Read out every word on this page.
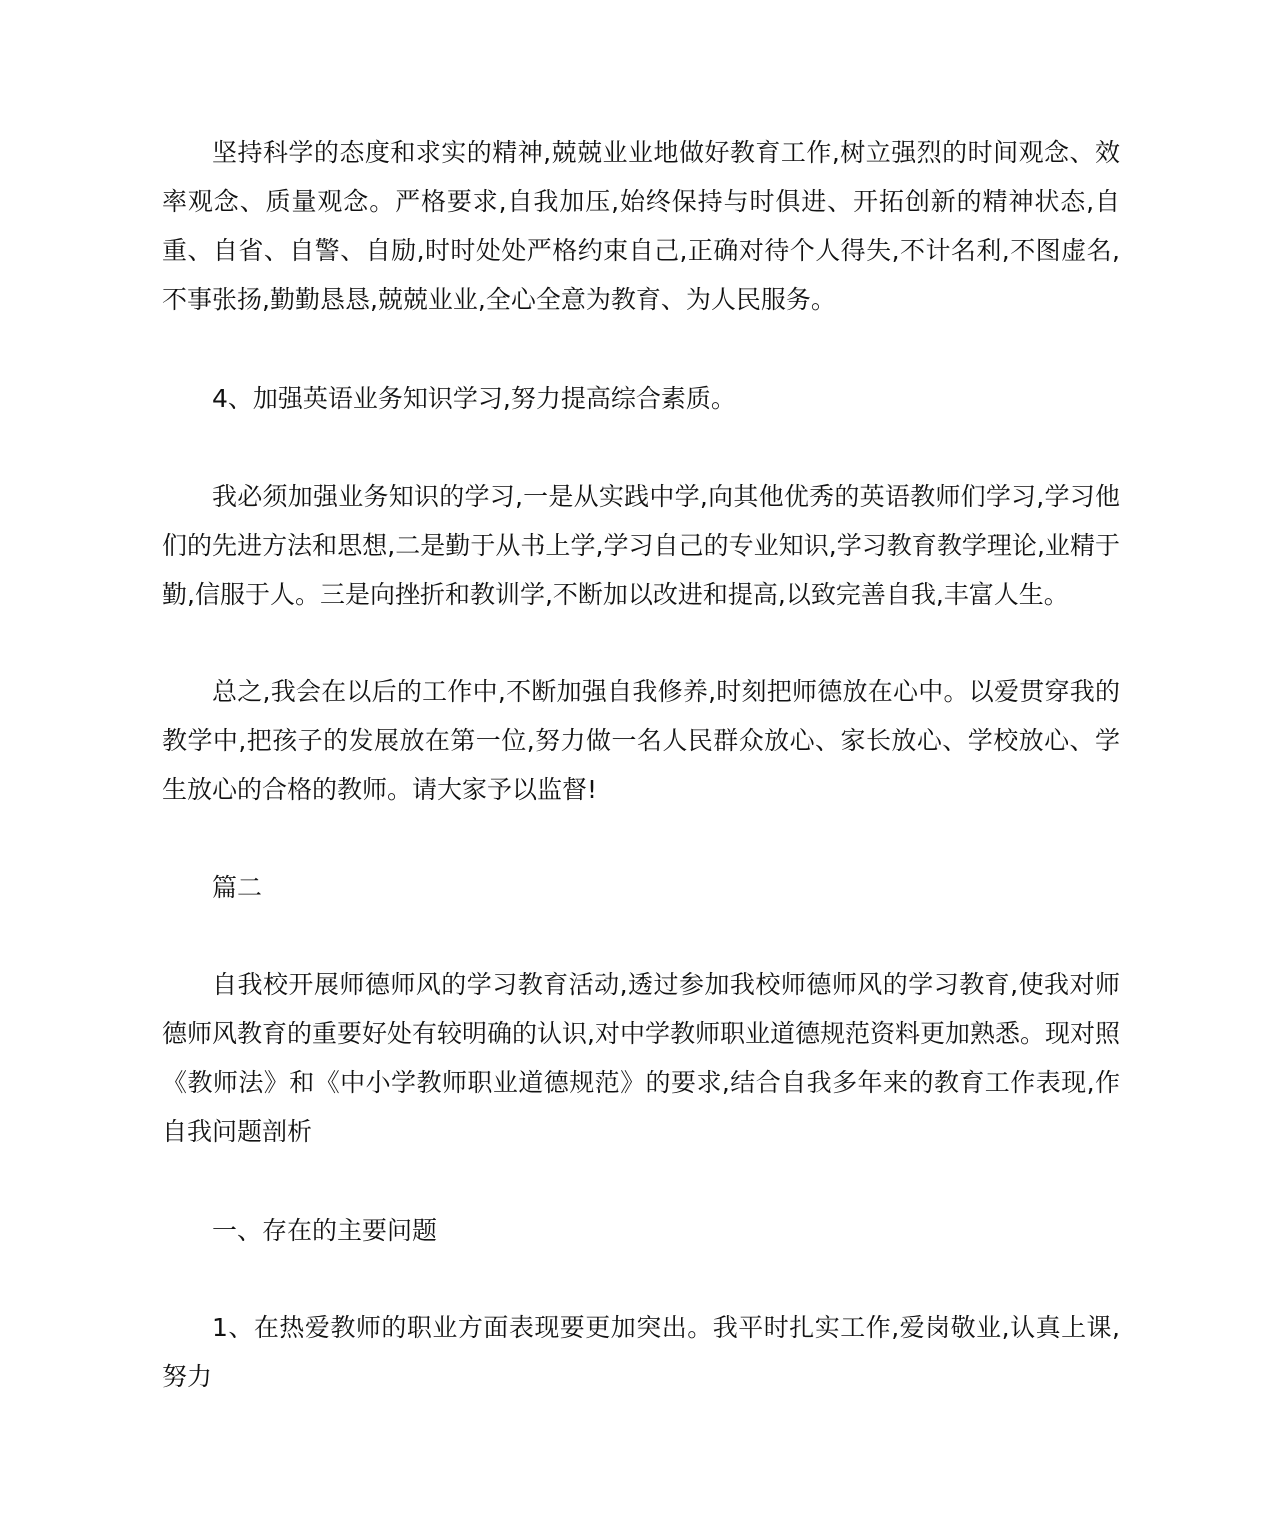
坚持科学的态度和求实的精神,兢兢业业地做好教育工作,树立强烈的时间观念、效率观念、质量观念。严格要求,自我加压,始终保持与时俱进、开拓创新的精神状态,自重、自省、自警、自励,时时处处严格约束自己,正确对待个人得失,不计名利,不图虚名,不事张扬,勤勤恳恳,兢兢业业,全心全意为教育、为人民服务。

4、加强英语业务知识学习,努力提高综合素质。

我必须加强业务知识的学习,一是从实践中学,向其他优秀的英语教师们学习,学习他们的先进方法和思想,二是勤于从书上学,学习自己的专业知识,学习教育教学理论,业精于勤,信服于人。三是向挫折和教训学,不断加以改进和提高,以致完善自我,丰富人生。

总之,我会在以后的工作中,不断加强自我修养,时刻把师德放在心中。以爱贯穿我的教学中,把孩子的发展放在第一位,努力做一名人民群众放心、家长放心、学校放心、学生放心的合格的教师。请大家予以监督!

篇二

自我校开展师德师风的学习教育活动,透过参加我校师德师风的学习教育,使我对师德师风教育的重要好处有较明确的认识,对中学教师职业道德规范资料更加熟悉。现对照《教师法》和《中小学教师职业道德规范》的要求,结合自我多年来的教育工作表现,作自我问题剖析

一、存在的主要问题

1、在热爱教师的职业方面表现要更加突出。我平时扎实工作,爱岗敬业,认真上课,努力
